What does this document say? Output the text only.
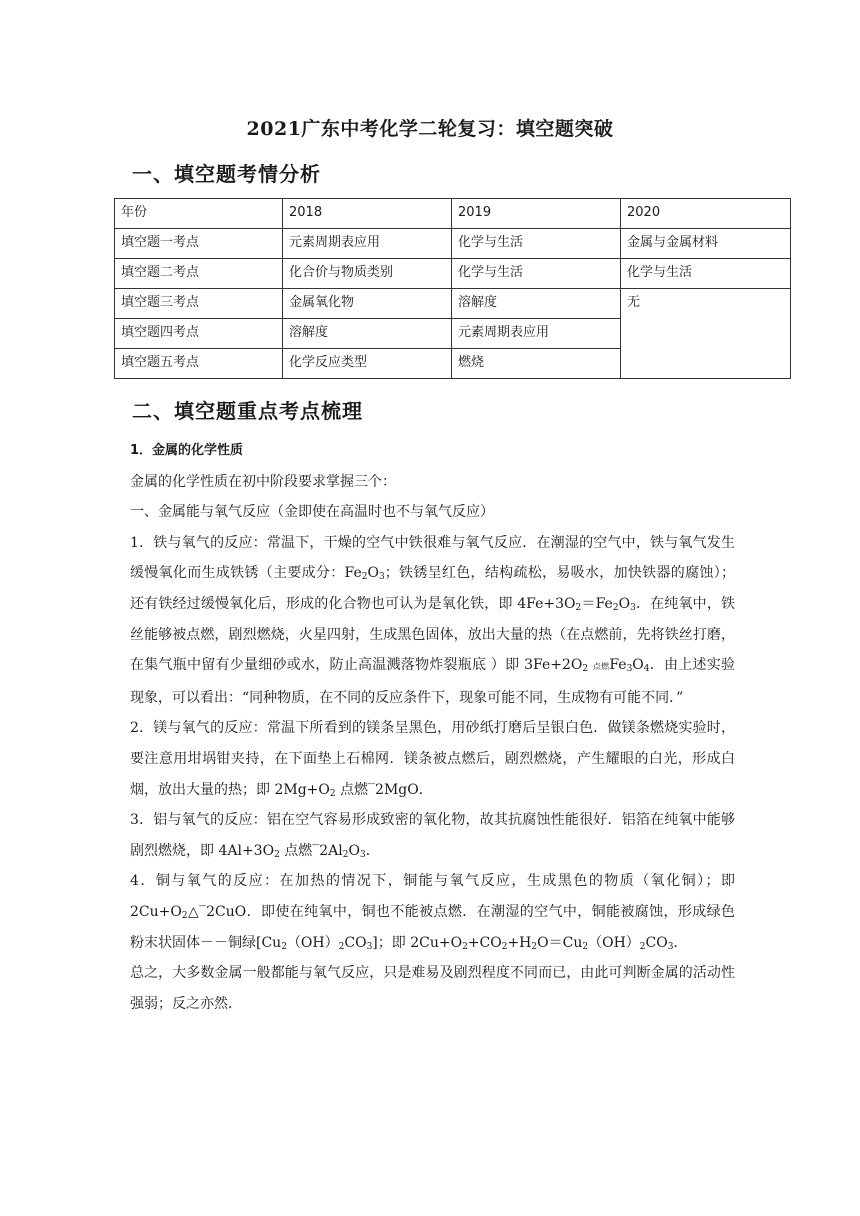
2021广东中考化学二轮复习：填空题突破
一、填空题考情分析
年份	2018	2019	2020
填空题一考点	元素周期表应用	化学与生活	金属与金属材料
填空题二考点	化合价与物质类别	化学与生活	化学与生活
填空题三考点	金属氧化物	溶解度	无
填空题四考点	溶解度	元素周期表应用	
填空题五考点	化学反应类型	燃烧	
二、填空题重点考点梳理

1．金属的化学性质

金属的化学性质在初中阶段要求掌握三个：

一、金属能与氧气反应（金即使在高温时也不与氧气反应）

1．铁与氧气的反应：常温下，干燥的空气中铁很难与氧气反应．在潮湿的空气中，铁与氧气发生缓慢氧化而生成铁锈（主要成分：$Fe_2O_3$；铁锈呈红色，结构疏松，易吸水，加快铁器的腐蚀）；还有铁经过缓慢氧化后，形成的化合物也可认为是氧化铁，即 $4Fe+3O_2=Fe_2O_3$．在纯氧中，铁丝能够被点燃，剧烈燃烧，火星四射，生成黑色固体，放出大量的热（在点燃前，先将铁丝打磨，在集气瓶中留有少量细砂或水，防止高温溅落物炸裂瓶底 ）即 $3Fe+2O_2$ 点燃$Fe_3O_4$．由上述实验现象，可以看出：“同种物质，在不同的反应条件下，现象可能不同，生成物有可能不同．”

2．镁与氧气的反应：常温下所看到的镁条呈黑色，用砂纸打磨后呈银白色．做镁条燃烧实验时，要注意用坩埚钳夹持，在下面垫上石棉网．镁条被点燃后，剧烈燃烧，产生耀眼的白光，形成白烟，放出大量的热；即 $2Mg+O_2$ 点燃‾2MgO．

3．铝与氧气的反应：铝在空气容易形成致密的氧化物，故其抗腐蚀性能很好．铝箔在纯氧中能够剧烈燃烧，即 $4Al+3O_2$ 点燃$‾2Al_2O_3$．

4．铜与氧气的反应：在加热的情况下，铜能与氧气反应，生成黑色的物质（氧化铜）；即 $2Cu+O_2\triangle‾2CuO$．即使在纯氧中，铜也不能被点燃．在潮湿的空气中，铜能被腐蚀，形成绿色粉末状固体－－铜绿$[Cu_2(OH)_2CO_3]$；即 $2Cu+O_2+CO_2+H_2O=Cu_2(OH)_2CO_3$．

总之，大多数金属一般都能与氧气反应，只是难易及剧烈程度不同而已，由此可判断金属的活动性强弱；反之亦然．
